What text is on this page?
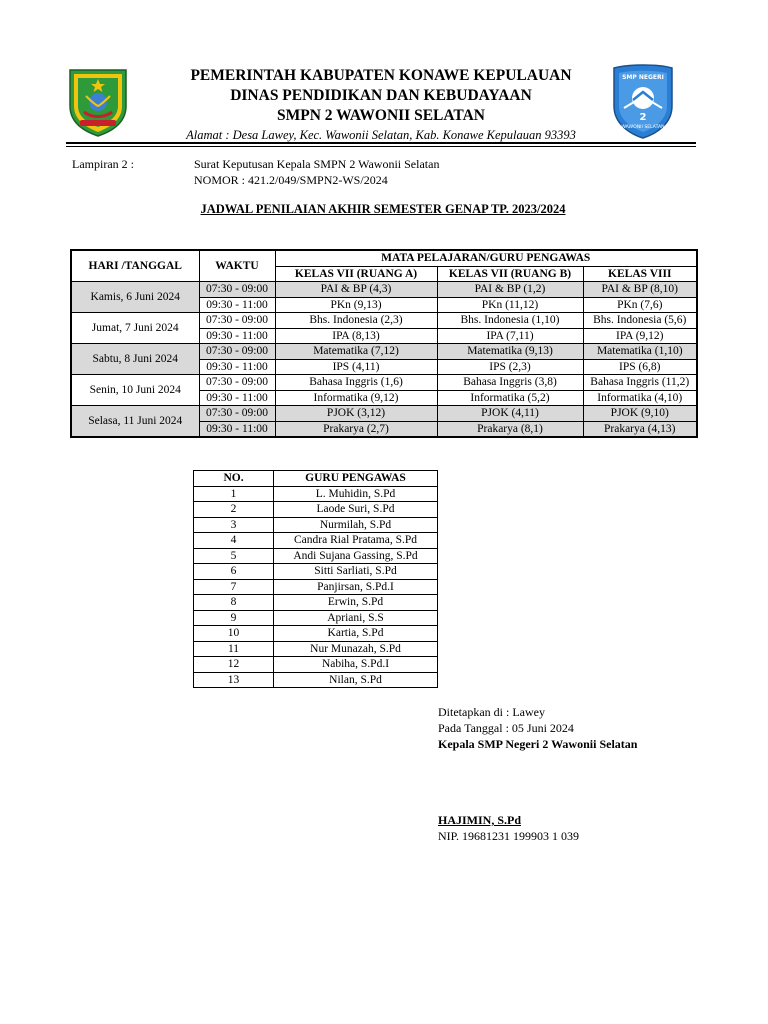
PEMERINTAH KABUPATEN KONAWE KEPULAUAN
DINAS PENDIDIKAN DAN KEBUDAYAAN
SMPN 2 WAWONII SELATAN
Alamat : Desa Lawey, Kec. Wawonii Selatan, Kab. Konawe Kepulauan 93393
SMP NEGERI
2
WAWONII SELATAN
Lampiran 2 :	Surat Keputusan Kepala SMPN 2 Wawonii Selatan
NOMOR : 421.2/049/SMPN2-WS/2024
JADWAL PENILAIAN AKHIR SEMESTER GENAP TP. 2023/2024
HARI /TANGGAL	WAKTU	MATA PELAJARAN/GURU PENGAWAS		
		KELAS VII (RUANG A)	KELAS VII (RUANG B)	KELAS VIII
Kamis, 6 Juni 2024	07:30 - 09:00	PAI & BP (4,3)	PAI & BP (1,2)	PAI & BP (8,10)
	09:30 - 11:00	PKn (9,13)	PKn (11,12)	PKn (7,6)
Jumat, 7 Juni 2024	07:30 - 09:00	Bhs. Indonesia (2,3)	Bhs. Indonesia (1,10)	Bhs. Indonesia (5,6)
	09:30 - 11:00	IPA (8,13)	IPA (7,11)	IPA (9,12)
Sabtu, 8 Juni 2024	07:30 - 09:00	Matematika (7,12)	Matematika (9,13)	Matematika (1,10)
	09:30 - 11:00	IPS (4,11)	IPS (2,3)	IPS (6,8)
Senin, 10 Juni 2024	07:30 - 09:00	Bahasa Inggris (1,6)	Bahasa Inggris (3,8)	Bahasa Inggris (11,2)
	09:30 - 11:00	Informatika (9,12)	Informatika (5,2)	Informatika (4,10)
Selasa, 11 Juni 2024	07:30 - 09:00	PJOK (3,12)	PJOK (4,11)	PJOK (9,10)
	09:30 - 11:00	Prakarya (2,7)	Prakarya (8,1)	Prakarya (4,13)
NO.	GURU PENGAWAS
1	L. Muhidin, S.Pd
2	Laode Suri, S.Pd
3	Nurmilah, S.Pd
4	Candra Rial Pratama, S.Pd
5	Andi Sujana Gassing, S.Pd
6	Sitti Sarliati, S.Pd
7	Panjirsan, S.Pd.I
8	Erwin, S.Pd
9	Apriani, S.S
10	Kartia, S.Pd
11	Nur Munazah, S.Pd
12	Nabiha, S.Pd.I
13	Nilan, S.Pd
Ditetapkan di : Lawey
Pada Tanggal : 05 Juni 2024
Kepala SMP Negeri 2 Wawonii Selatan
HAJIMIN, S.Pd
NIP. 19681231 199903 1 039
